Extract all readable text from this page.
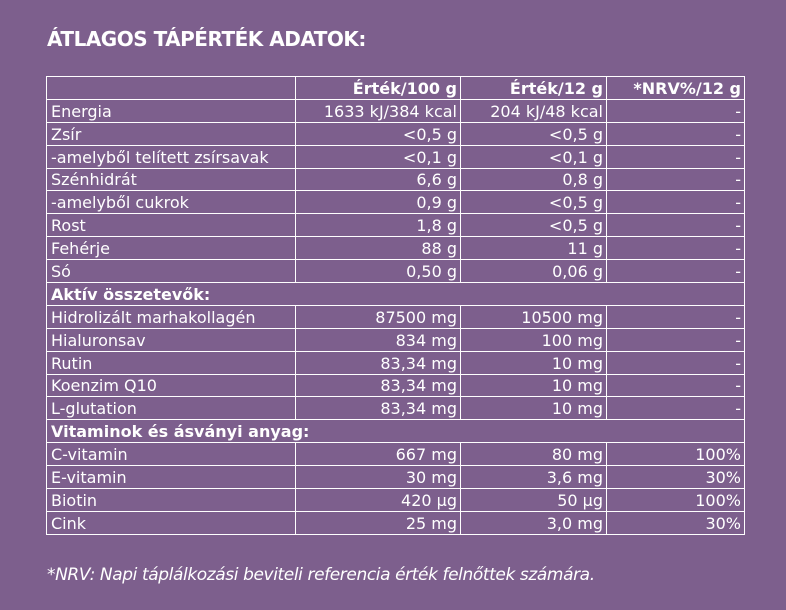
ÁTLAGOS TÁPÉRTÉK ADATOK:
	Érték/100 g	Érték/12 g	*NRV%/12 g
Energia	1633 kJ/384 kcal	204 kJ/48 kcal	-
Zsír	<0,5 g	<0,5 g	-
-amelyből telített zsírsavak	<0,1 g	<0,1 g	-
Szénhidrát	6,6 g	0,8 g	-
-amelyből cukrok	0,9 g	<0,5 g	-
Rost	1,8 g	<0,5 g	-
Fehérje	88 g	11 g	-
Só	0,50 g	0,06 g	-
Aktív összetevők:			
Hidrolizált marhakollagén	87500 mg	10500 mg	-
Hialuronsav	834 mg	100 mg	-
Rutin	83,34 mg	10 mg	-
Koenzim Q10	83,34 mg	10 mg	-
L-glutation	83,34 mg	10 mg	-
Vitaminok és ásványi anyag:			
C-vitamin	667 mg	80 mg	100%
E-vitamin	30 mg	3,6 mg	30%
Biotin	420 µg	50 µg	100%
Cink	25 mg	3,0 mg	30%
*NRV: Napi táplálkozási beviteli referencia érték felnőttek számára.
